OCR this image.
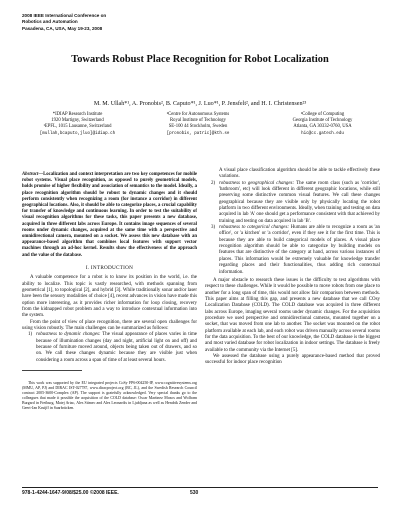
2008 IEEE International Conference on
Robotics and Automation
Pasadena, CA, USA, May 19-23, 2008
Towards Robust Place Recognition for Robot Localization
M. M. Ullah*¹, A. Pronobis², B. Caputo*¹, J. Luo*¹, P. Jensfelt², and H. I. Christensen²³
*IDIAP Research Institute
1920 Martigny, Switzerland
¹EPFL, 1015 Lausanne, Switzerland
[mullah,bcaputo,jluo]@idiap.ch
²Centre for Autonomous Systems
Royal Institute of Technology
SE-100 44 Stockholm, Sweden
[pronobis, patric]@kth.se
³College of Computing
Georgia Institute of Technology
Atlanta, GA 30332-0760, USA
hic@cc.gatech.edu
Abstract—Localization and context interpretation are two key competences for mobile robot systems. Visual place recognition, as opposed to purely geometrical models, holds promise of higher flexibility and association of semantics to the model. Ideally, a place recognition algorithm should be robust to dynamic changes and it should perform consistently when recognizing a room (for instance a corridor) in different geographical locations. Also, it should be able to categorize places, a crucial capability for transfer of knowledge and continuous learning. In order to test the suitability of visual recognition algorithms for these tasks, this paper presents a new database, acquired in three different labs across Europe. It contains image sequences of several rooms under dynamic changes, acquired at the same time with a perspective and omnidirectional camera, mounted on a socket. We assess this new database with an appearance-based algorithm that combines local features with support vector machines through an ad-hoc kernel. Results show the effectiveness of the approach and the value of the database.
I. INTRODUCTION

A valuable competence for a robot is to know its position in the world, i.e. the ability to localize. This topic is vastly researched, with methods spanning from geometrical [1], to topological [2], and hybrid [3]. While traditionally sonar and/or laser have been the sensory modalities of choice [4], recent advances in vision have made this option more interesting, as it provides richer information for loop closing, recovery from the kidnapped robot problem and a way to introduce contextual information into the system.

From the point of view of place recognition, there are several open challenges for using vision robustly. The main challenges can be summarized as follows:

1) robustness to dynamic changes: The visual appearance of places varies in time because of illumination changes (day and night, artificial light on and off) and because of furniture moved around, objects being taken out of drawers, and so on. We call these changes dynamic because they are visible just when considering a room across a span of time of at least several hours.

This work was supported by the EU integrated projects CoSy FP6-004250-IP, www.cognitivesystems.org (MMU, AP, PJ) and DIRAC IST-027787, www.diracproject.org (BC, JL), and the Swedish Research Council contract 2005-3600-Complex (AP). The support is gratefully acknowledged. Very special thanks go to the colleagues that made it possible the acquisition of the COLD database: Oscar Martinez Mozos and Wolfram Burgard in Freiburg, Matej Artac, Ales Stimec and Ales Leonardis in Ljubljana as well as Hendrik Zender and Geert-Jan Kruijff in Saarbrücken.

A visual place classification algorithm should be able to tackle effectively these variations.
2) robustness to geographical changes: The same room class (such as 'corridor', 'bathroom', etc) will look different in different geographic locations, while still preserving some distinctive common visual features. We call these changes geographical because they are visible only by physically locating the robot platform in two different environments. Ideally, when training and testing on data acquired in lab 'A' one should get a performance consistent with that achieved by training and testing on data acquired in lab 'B'.
3) robustness to categorical changes: Humans are able to recognize a room as 'an office', or 'a kitchen' or 'a corridor', even if they see it for the first time. This is because they are able to build categorical models of places. A visual place recognition algorithm should be able to categorize by building models on features that are distinctive of the category at hand, across various instances of places. This information would be extremely valuable for knowledge transfer regarding places and their functionalities, thus adding rich contextual information.

A major obstacle to research these issues is the difficulty to test algorithms with respect to these challenges. While it would be possible to move robots from one place to another for a long span of time, this would not allow fair comparison between methods. This paper aims at filling this gap, and presents a new database that we call COsy Localization Database (COLD). The COLD database was acquired in three different labs across Europe, imaging several rooms under dynamic changes. For the acquisition procedure we used perspective and omnidirectional cameras, mounted together on a socket, that was moved from one lab to another. The socket was mounted on the robot platform available at each lab, and each robot was driven manually across several rooms for the data acquisition. To the best of our knowledge, the COLD database is the biggest and most varied database for robot localization in indoor settings. The database is freely available to the community via the Internet [5].

We assessed the database using a purely appearance-based method that proved successful for indoor place recognition

978-1-4244-1647-9/08/$25.00 ©2008 IEEE.	530
